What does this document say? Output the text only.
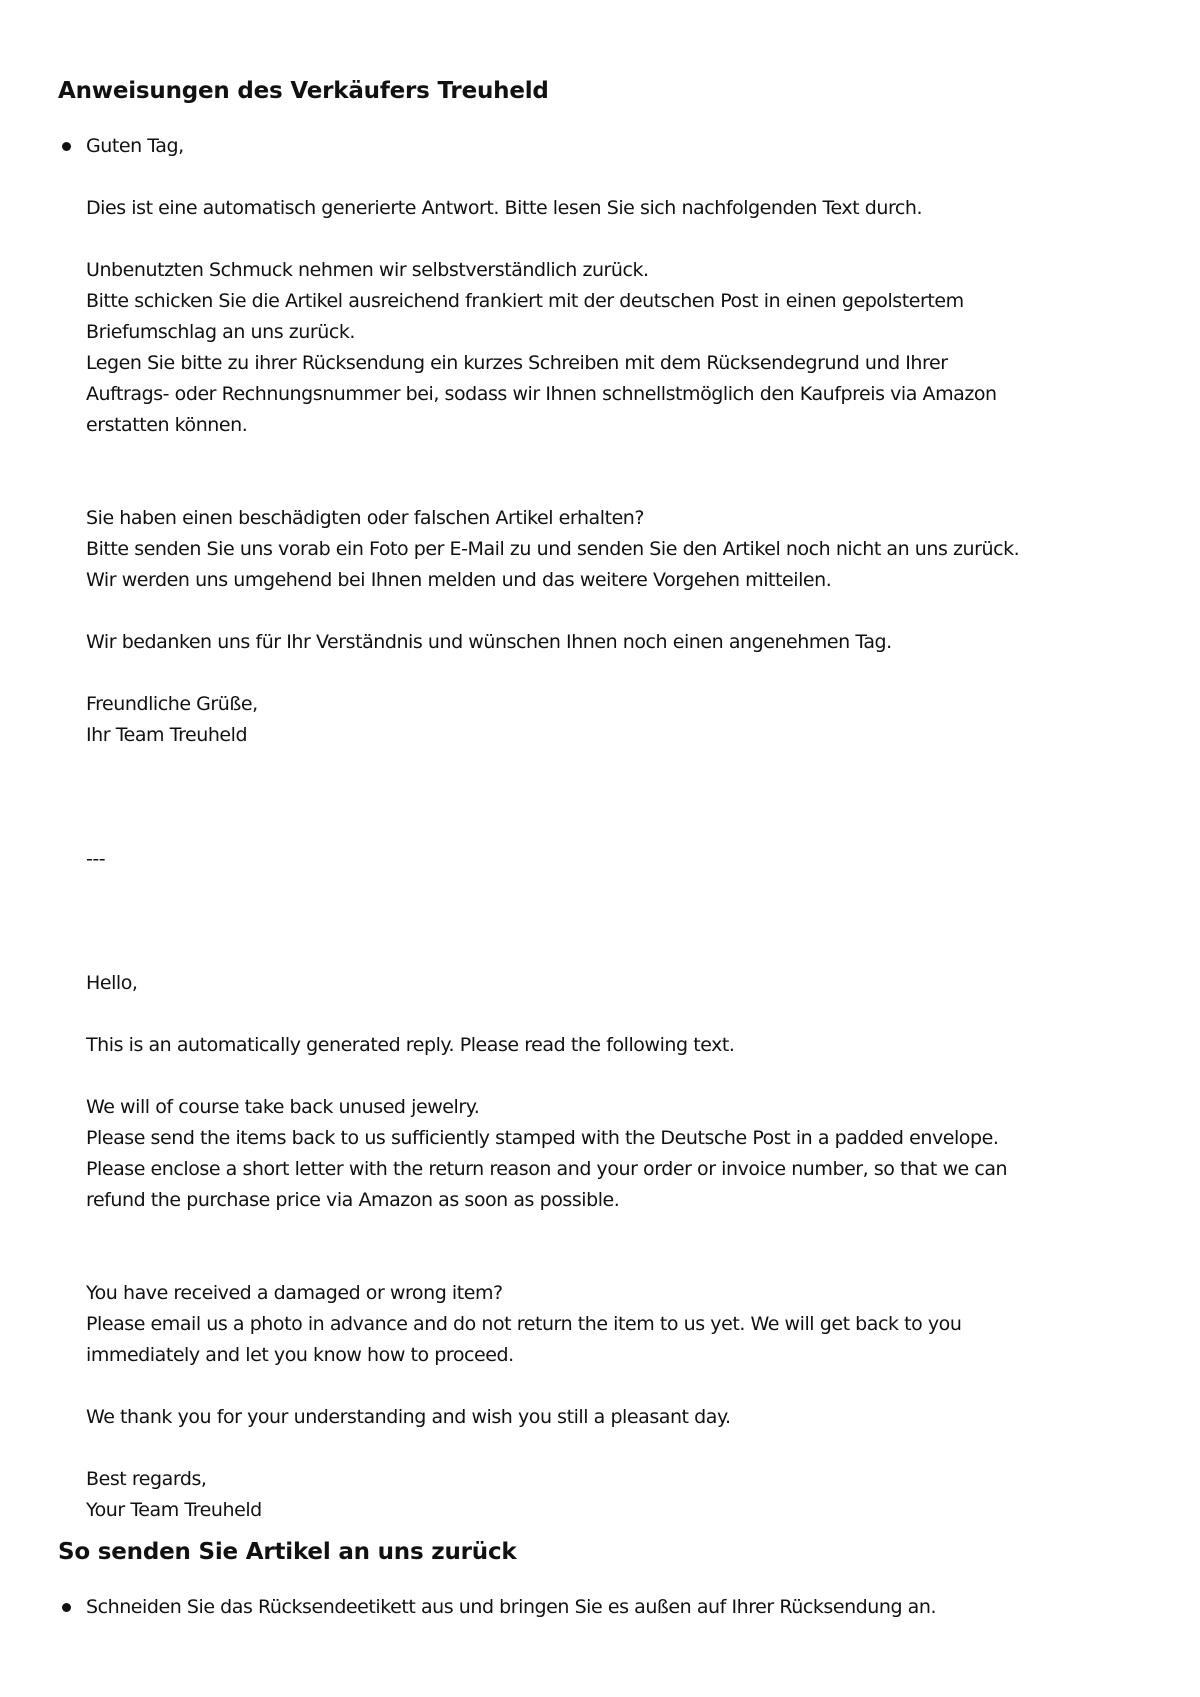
Anweisungen des Verkäufers Treuheld
Guten Tag,
Dies ist eine automatisch generierte Antwort. Bitte lesen Sie sich nachfolgenden Text durch.
Unbenutzten Schmuck nehmen wir selbstverständlich zurück.
Bitte schicken Sie die Artikel ausreichend frankiert mit der deutschen Post in einen gepolstertem
Briefumschlag an uns zurück.
Legen Sie bitte zu ihrer Rücksendung ein kurzes Schreiben mit dem Rücksendegrund und Ihrer
Auftrags- oder Rechnungsnummer bei, sodass wir Ihnen schnellstmöglich den Kaufpreis via Amazon
erstatten können.
Sie haben einen beschädigten oder falschen Artikel erhalten?
Bitte senden Sie uns vorab ein Foto per E-Mail zu und senden Sie den Artikel noch nicht an uns zurück.
Wir werden uns umgehend bei Ihnen melden und das weitere Vorgehen mitteilen.
Wir bedanken uns für Ihr Verständnis und wünschen Ihnen noch einen angenehmen Tag.
Freundliche Grüße,
Ihr Team Treuheld
---
Hello,
This is an automatically generated reply. Please read the following text.
We will of course take back unused jewelry.
Please send the items back to us sufficiently stamped with the Deutsche Post in a padded envelope.
Please enclose a short letter with the return reason and your order or invoice number, so that we can
refund the purchase price via Amazon as soon as possible.
You have received a damaged or wrong item?
Please email us a photo in advance and do not return the item to us yet. We will get back to you
immediately and let you know how to proceed.
We thank you for your understanding and wish you still a pleasant day.
Best regards,
Your Team Treuheld
So senden Sie Artikel an uns zurück
Schneiden Sie das Rücksendeetikett aus und bringen Sie es außen auf Ihrer Rücksendung an.
